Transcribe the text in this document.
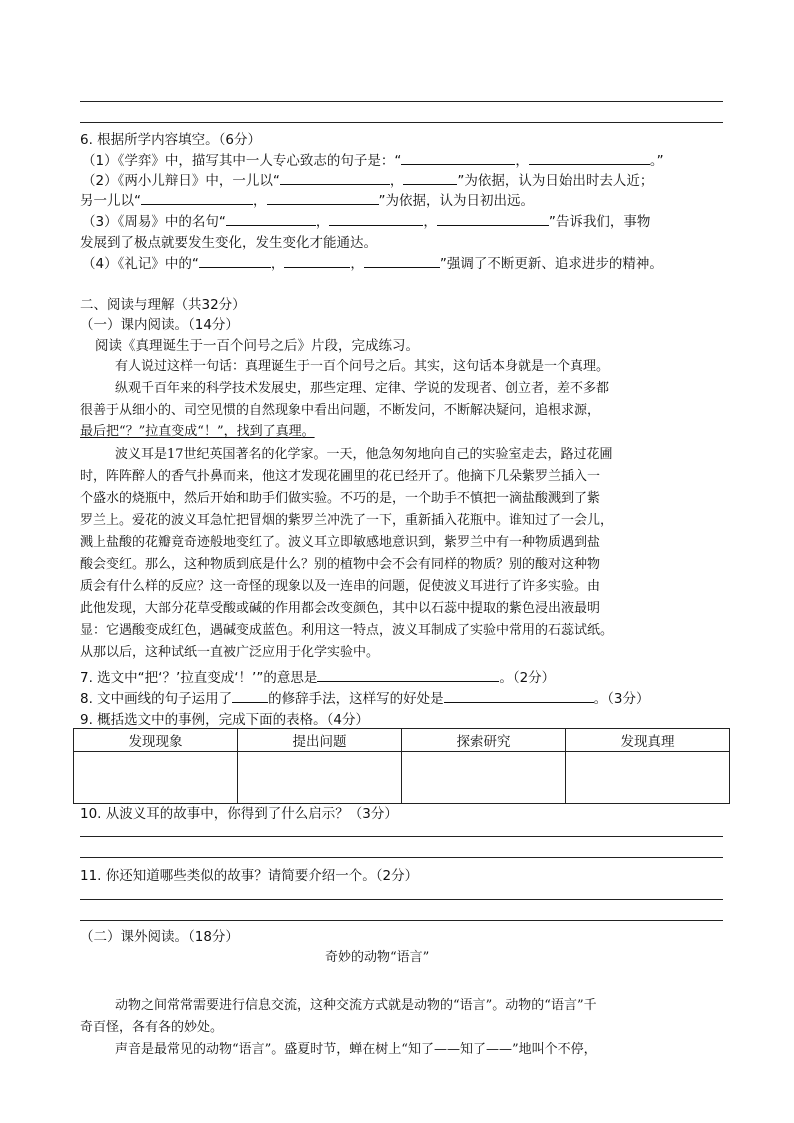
6. 根据所学内容填空。（6分）
（1）《学弈》中，描写其中一人专心致志的句子是：“	，	。”
（2）《两小儿辩日》中，一儿以“	，	”为依据，认为日始出时去人近；
另一儿以“	，	”为依据，认为日初出远。
（3）《周易》中的名句“	，	，	”告诉我们，事物
发展到了极点就要发生变化，发生变化才能通达。
（4）《礼记》中的“	，	，	”强调了不断更新、追求进步的精神。
二、阅读与理解（共32分）
（一）课内阅读。（14分）
阅读《真理诞生于一百个问号之后》片段，完成练习。
有人说过这样一句话：真理诞生于一百个问号之后。其实，这句话本身就是一个真理。
纵观千百年来的科学技术发展史，那些定理、定律、学说的发现者、创立者，差不多都
很善于从细小的、司空见惯的自然现象中看出问题，不断发问，不断解决疑问，追根求源，
最后把“？”拉直变成“！”，找到了真理。
波义耳是17世纪英国著名的化学家。一天，他急匆匆地向自己的实验室走去，路过花圃
时，阵阵醉人的香气扑鼻而来，他这才发现花圃里的花已经开了。他摘下几朵紫罗兰插入一
个盛水的烧瓶中，然后开始和助手们做实验。不巧的是，一个助手不慎把一滴盐酸溅到了紫
罗兰上。爱花的波义耳急忙把冒烟的紫罗兰冲洗了一下，重新插入花瓶中。谁知过了一会儿，
溅上盐酸的花瓣竟奇迹般地变红了。波义耳立即敏感地意识到，紫罗兰中有一种物质遇到盐
酸会变红。那么，这种物质到底是什么？别的植物中会不会有同样的物质？别的酸对这种物
质会有什么样的反应？这一奇怪的现象以及一连串的问题，促使波义耳进行了许多实验。由
此他发现，大部分花草受酸或碱的作用都会改变颜色，其中以石蕊中提取的紫色浸出液最明
显：它遇酸变成红色，遇碱变成蓝色。利用这一特点，波义耳制成了实验中常用的石蕊试纸。
从那以后，这种试纸一直被广泛应用于化学实验中。
7. 选文中“把‘？’拉直变成‘！’”的意思是	。（2分）
8. 文中画线的句子运用了	的修辞手法，这样写的好处是	。（3分）
9. 概括选文中的事例，完成下面的表格。（4分）
发现现象	提出问题	探索研究	发现真理

10. 从波义耳的故事中，你得到了什么启示？（3分）
11. 你还知道哪些类似的故事？请简要介绍一个。（2分）
（二）课外阅读。（18分）
奇妙的动物“语言”
动物之间常常需要进行信息交流，这种交流方式就是动物的“语言”。动物的“语言”千
奇百怪，各有各的妙处。
声音是最常见的动物“语言”。盛夏时节，蝉在树上“知了——知了——”地叫个不停，
